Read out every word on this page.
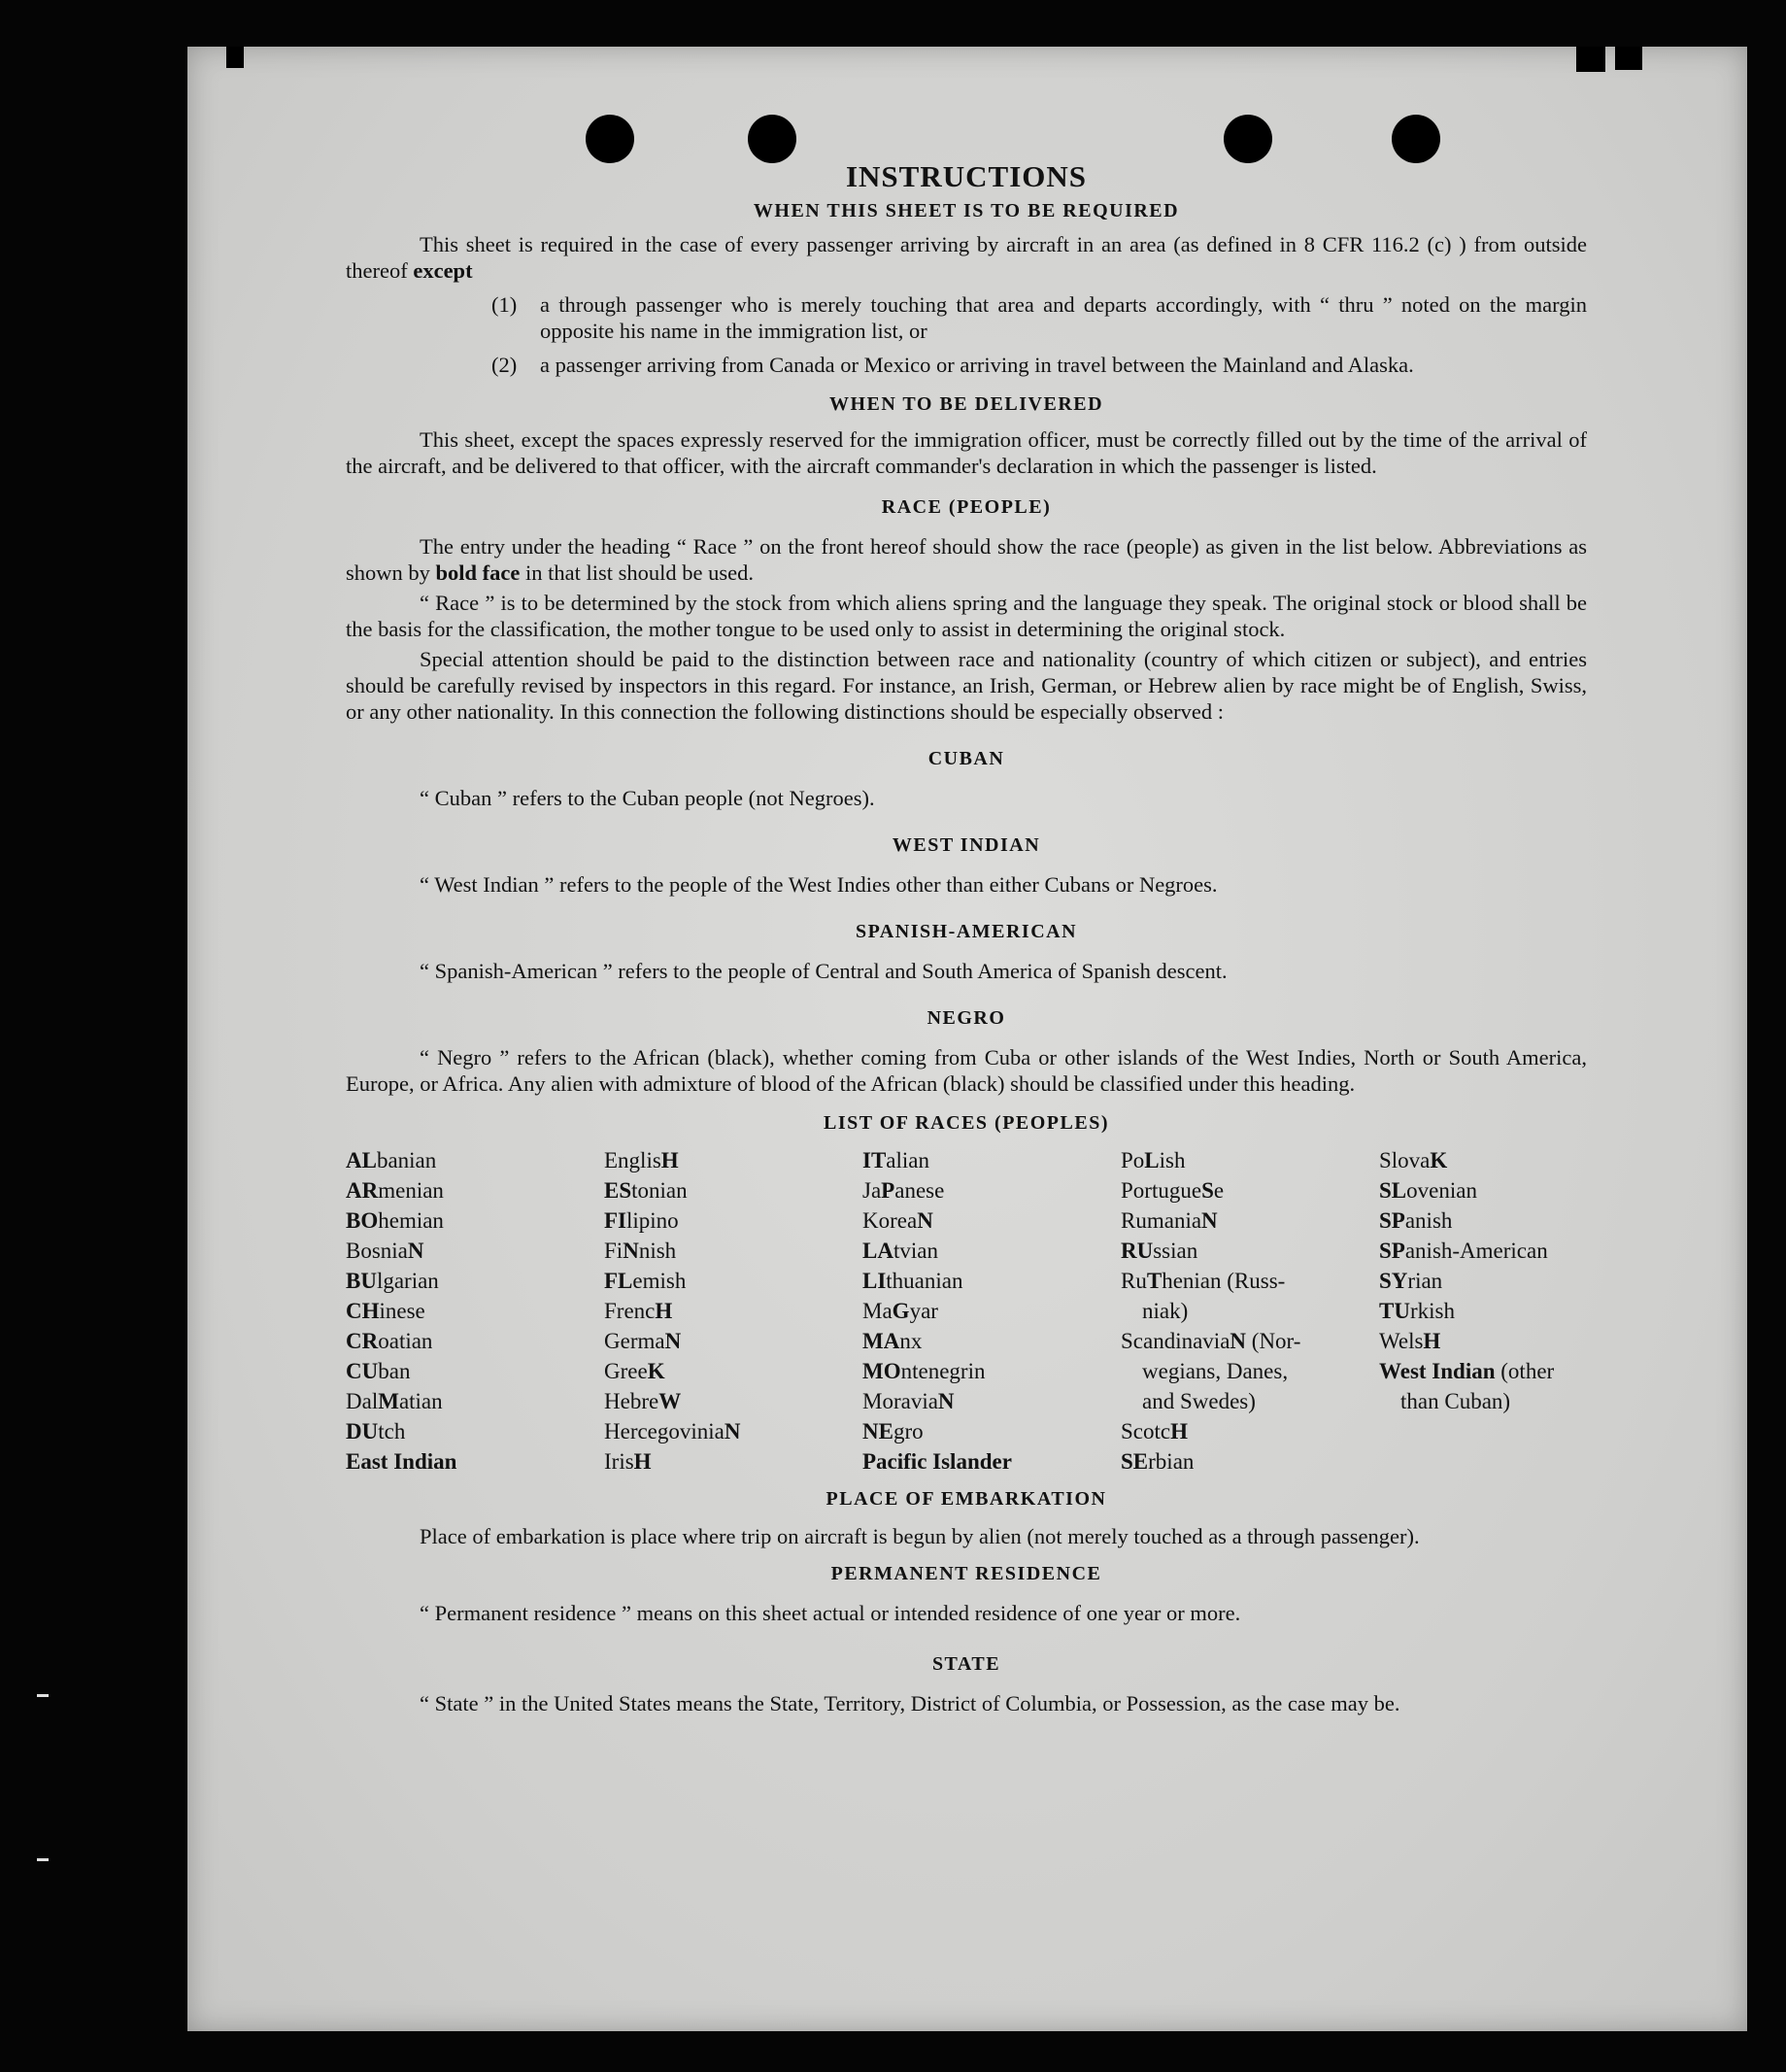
INSTRUCTIONS
WHEN THIS SHEET IS TO BE REQUIRED

This sheet is required in the case of every passenger arriving by aircraft in an area (as defined in 8 CFR 116.2 (c) ) from outside thereof except

(1)	a through passenger who is merely touching that area and departs accordingly, with “ thru ” noted on the margin opposite his name in the immigration list, or
(2)	a passenger arriving from Canada or Mexico or arriving in travel between the Mainland and Alaska.
WHEN TO BE DELIVERED

This sheet, except the spaces expressly reserved for the immigration officer, must be correctly filled out by the time of the arrival of the aircraft, and be delivered to that officer, with the aircraft commander's declaration in which the passenger is listed.

RACE (PEOPLE)

The entry under the heading “ Race ” on the front hereof should show the race (people) as given in the list below. Abbreviations as shown by bold face in that list should be used.

“ Race ” is to be determined by the stock from which aliens spring and the language they speak. The original stock or blood shall be the basis for the classification, the mother tongue to be used only to assist in determining the original stock.

Special attention should be paid to the distinction between race and nationality (country of which citizen or subject), and entries should be carefully revised by inspectors in this regard. For instance, an Irish, German, or Hebrew alien by race might be of English, Swiss, or any other nationality. In this connection the following distinctions should be especially observed :

CUBAN

“ Cuban ” refers to the Cuban people (not Negroes).

WEST INDIAN

“ West Indian ” refers to the people of the West Indies other than either Cubans or Negroes.

SPANISH-AMERICAN

“ Spanish-American ” refers to the people of Central and South America of Spanish descent.

NEGRO

“ Negro ” refers to the African (black), whether coming from Cuba or other islands of the West Indies, North or South America, Europe, or Africa. Any alien with admixture of blood of the African (black) should be classified under this heading.

LIST OF RACES (PEOPLES)
ALbanian
ARmenian
BOhemian
BosniaN
BUlgarian
CHinese
CRoatian
CUban
DalMatian
DUtch
East Indian
EnglisH
EStonian
FIlipino
FiNnish
FLemish
FrencH
GermaN
GreeK
HebreW
HercegoviniaN
IrisH
ITalian
JaPanese
KoreaN
LAtvian
LIthuanian
MaGyar
MAnx
MOntenegrin
MoraviaN
NEgro
Pacific Islander
PoLish
PortugueSe
RumaniaN
RUssian
RuThenian (Russ-
niak)
ScandinaviaN (Nor-
wegians, Danes,
and Swedes)
ScotcH
SErbian
SlovaK
SLovenian
SPanish
SPanish-American
SYrian
TUrkish
WelsH
West Indian (other
than Cuban)
PLACE OF EMBARKATION

Place of embarkation is place where trip on aircraft is begun by alien (not merely touched as a through passenger).

PERMANENT RESIDENCE

“ Permanent residence ” means on this sheet actual or intended residence of one year or more.

STATE

“ State ” in the United States means the State, Territory, District of Columbia, or Possession, as the case may be.
